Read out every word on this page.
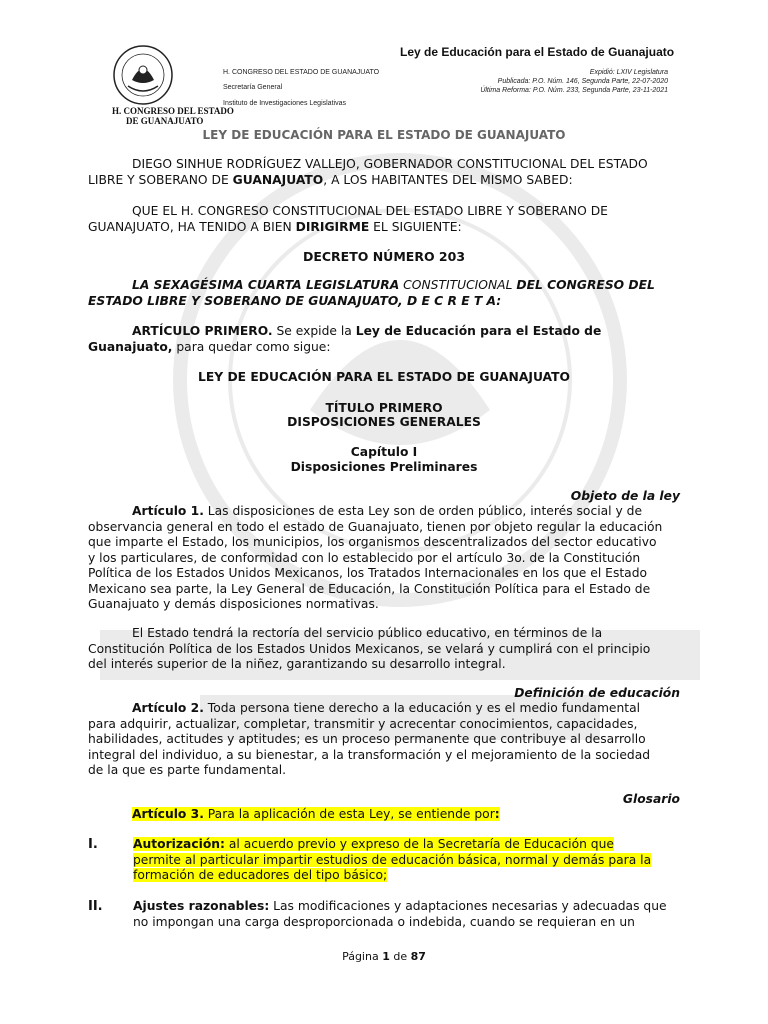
Ley de Educación para el Estado de Guanajuato
H. CONGRESO DEL ESTADO
DE GUANAJUATO
H. CONGRESO DEL ESTADO DE GUANAJUATO
Secretaría General
Instituto de Investigaciones Legislativas
Expidió: LXIV Legislatura
Publicada: P.O. Núm. 146, Segunda Parte, 22-07-2020
Última Reforma: P.O. Núm. 233, Segunda Parte, 23-11-2021
LEY DE EDUCACIÓN PARA EL ESTADO DE GUANAJUATO
DIEGO SINHUE RODRÍGUEZ VALLEJO, GOBERNADOR CONSTITUCIONAL DEL ESTADO
LIBRE Y SOBERANO DE GUANAJUATO, A LOS HABITANTES DEL MISMO SABED:
QUE EL H. CONGRESO CONSTITUCIONAL DEL ESTADO LIBRE Y SOBERANO DE
GUANAJUATO, HA TENIDO A BIEN DIRIGIRME EL SIGUIENTE:
DECRETO NÚMERO 203
LA SEXAGÉSIMA CUARTA LEGISLATURA CONSTITUCIONAL DEL CONGRESO DEL
ESTADO LIBRE Y SOBERANO DE GUANAJUATO, D E C R E T A:
ARTÍCULO PRIMERO. Se expide la Ley de Educación para el Estado de
Guanajuato, para quedar como sigue:
LEY DE EDUCACIÓN PARA EL ESTADO DE GUANAJUATO
TÍTULO PRIMERO
DISPOSICIONES GENERALES
Capítulo I
Disposiciones Preliminares
Objeto de la ley
Artículo 1. Las disposiciones de esta Ley son de orden público, interés social y de
observancia general en todo el estado de Guanajuato, tienen por objeto regular la educación
que imparte el Estado, los municipios, los organismos descentralizados del sector educativo
y los particulares, de conformidad con lo establecido por el artículo 3o. de la Constitución
Política de los Estados Unidos Mexicanos, los Tratados Internacionales en los que el Estado
Mexicano sea parte, la Ley General de Educación, la Constitución Política para el Estado de
Guanajuato y demás disposiciones normativas.
El Estado tendrá la rectoría del servicio público educativo, en términos de la
Constitución Política de los Estados Unidos Mexicanos, se velará y cumplirá con el principio
del interés superior de la niñez, garantizando su desarrollo integral.
Definición de educación
Artículo 2. Toda persona tiene derecho a la educación y es el medio fundamental
para adquirir, actualizar, completar, transmitir y acrecentar conocimientos, capacidades,
habilidades, actitudes y aptitudes; es un proceso permanente que contribuye al desarrollo
integral del individuo, a su bienestar, a la transformación y el mejoramiento de la sociedad
de la que es parte fundamental.
Glosario
Artículo 3. Para la aplicación de esta Ley, se entiende por:
I.	Autorización: al acuerdo previo y expreso de la Secretaría de Educación que
permite al particular impartir estudios de educación básica, normal y demás para la
formación de educadores del tipo básico;
II. Ajustes razonables: Las modificaciones y adaptaciones necesarias y adecuadas que
no impongan una carga desproporcionada o indebida, cuando se requieran en un
Página 1 de 87
